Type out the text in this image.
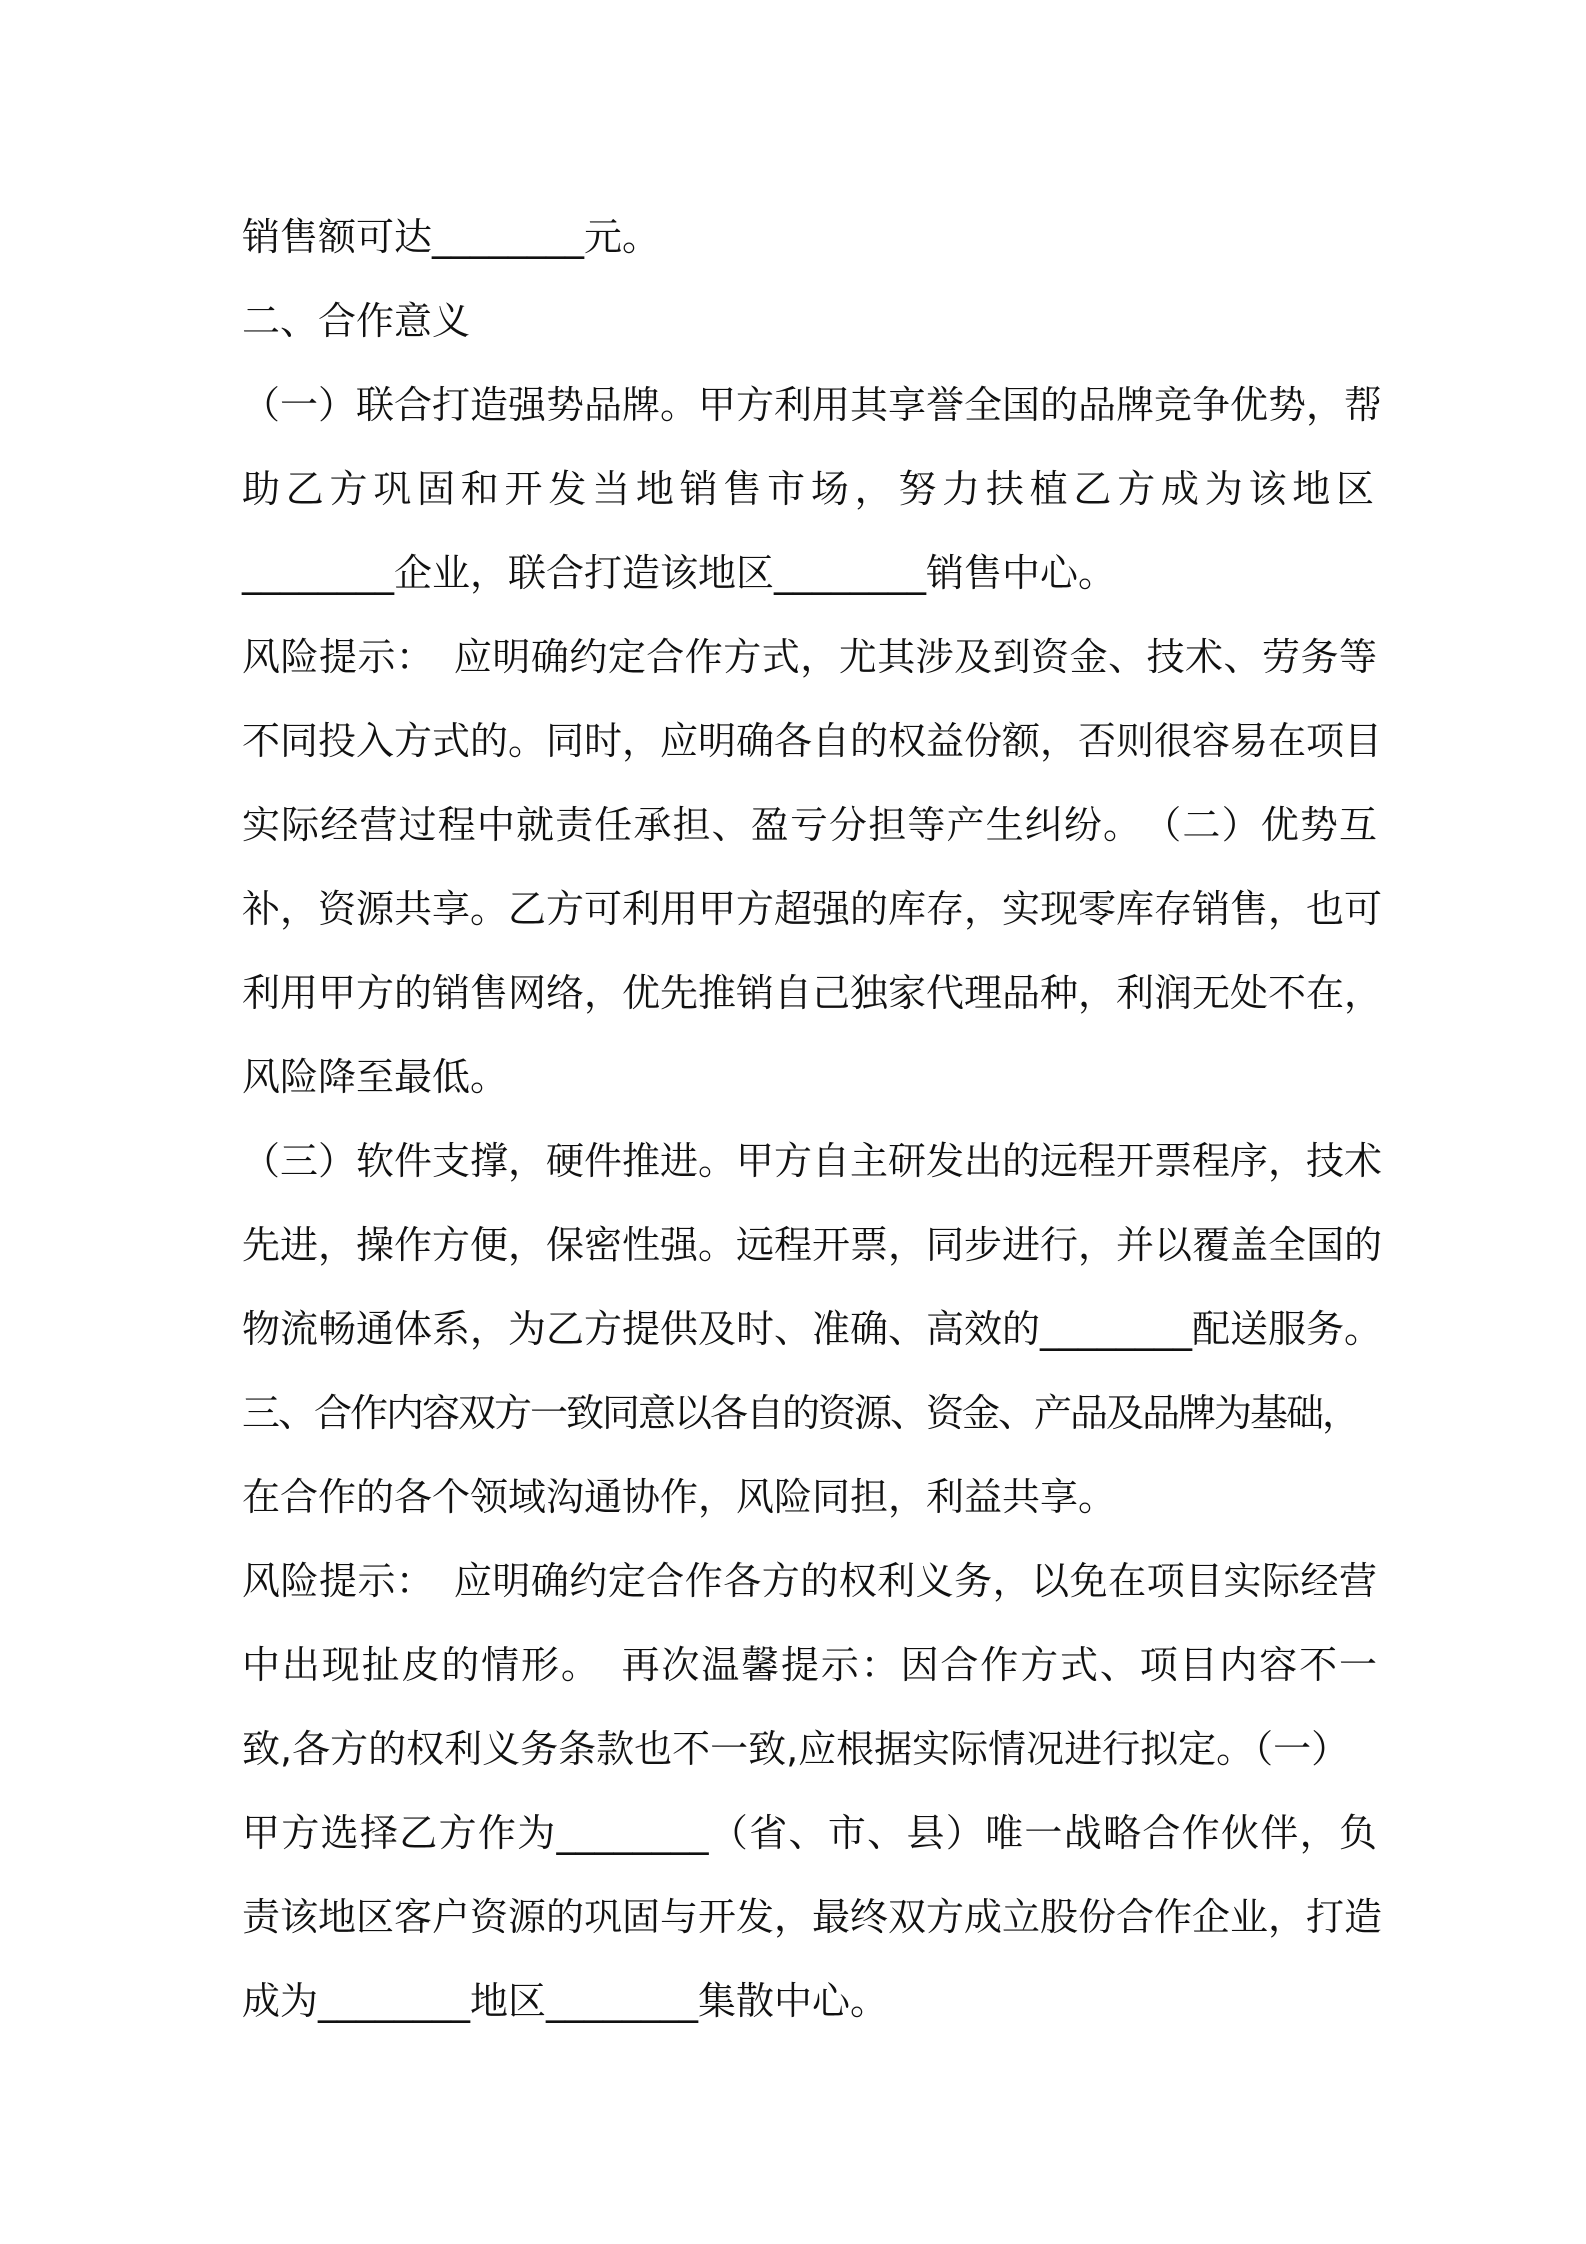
销售额可达________元。
二、合作意义
（一）联合打造强势品牌。甲方利用其享誉全国的品牌竞争优势，帮
助乙方巩固和开发当地销售市场，努力扶植乙方成为该地区
________企业，联合打造该地区________销售中心。
风险提示：　应明确约定合作方式，尤其涉及到资金、技术、劳务等
不同投入方式的。同时，应明确各自的权益份额，否则很容易在项目
实际经营过程中就责任承担、盈亏分担等产生纠纷。　（二）优势互
补，资源共享。乙方可利用甲方超强的库存，实现零库存销售，也可
利用甲方的销售网络，优先推销自己独家代理品种，利润无处不在，
风险降至最低。
（三）软件支撑，硬件推进。甲方自主研发出的远程开票程序，技术
先进，操作方便，保密性强。远程开票，同步进行，并以覆盖全国的
物流畅通体系，为乙方提供及时、准确、高效的________配送服务。
三、合作内容双方一致同意以各自的资源、资金、产品及品牌为基础，
在合作的各个领域沟通协作，风险同担，利益共享。
风险提示：　应明确约定合作各方的权利义务，以免在项目实际经营
中出现扯皮的情形。　再次温馨提示：因合作方式、项目内容不一
致,各方的权利义务条款也不一致,应根据实际情况进行拟定。（一）
甲方选择乙方作为________（省、市、县）唯一战略合作伙伴，负
责该地区客户资源的巩固与开发，最终双方成立股份合作企业，打造
成为________地区________集散中心。
